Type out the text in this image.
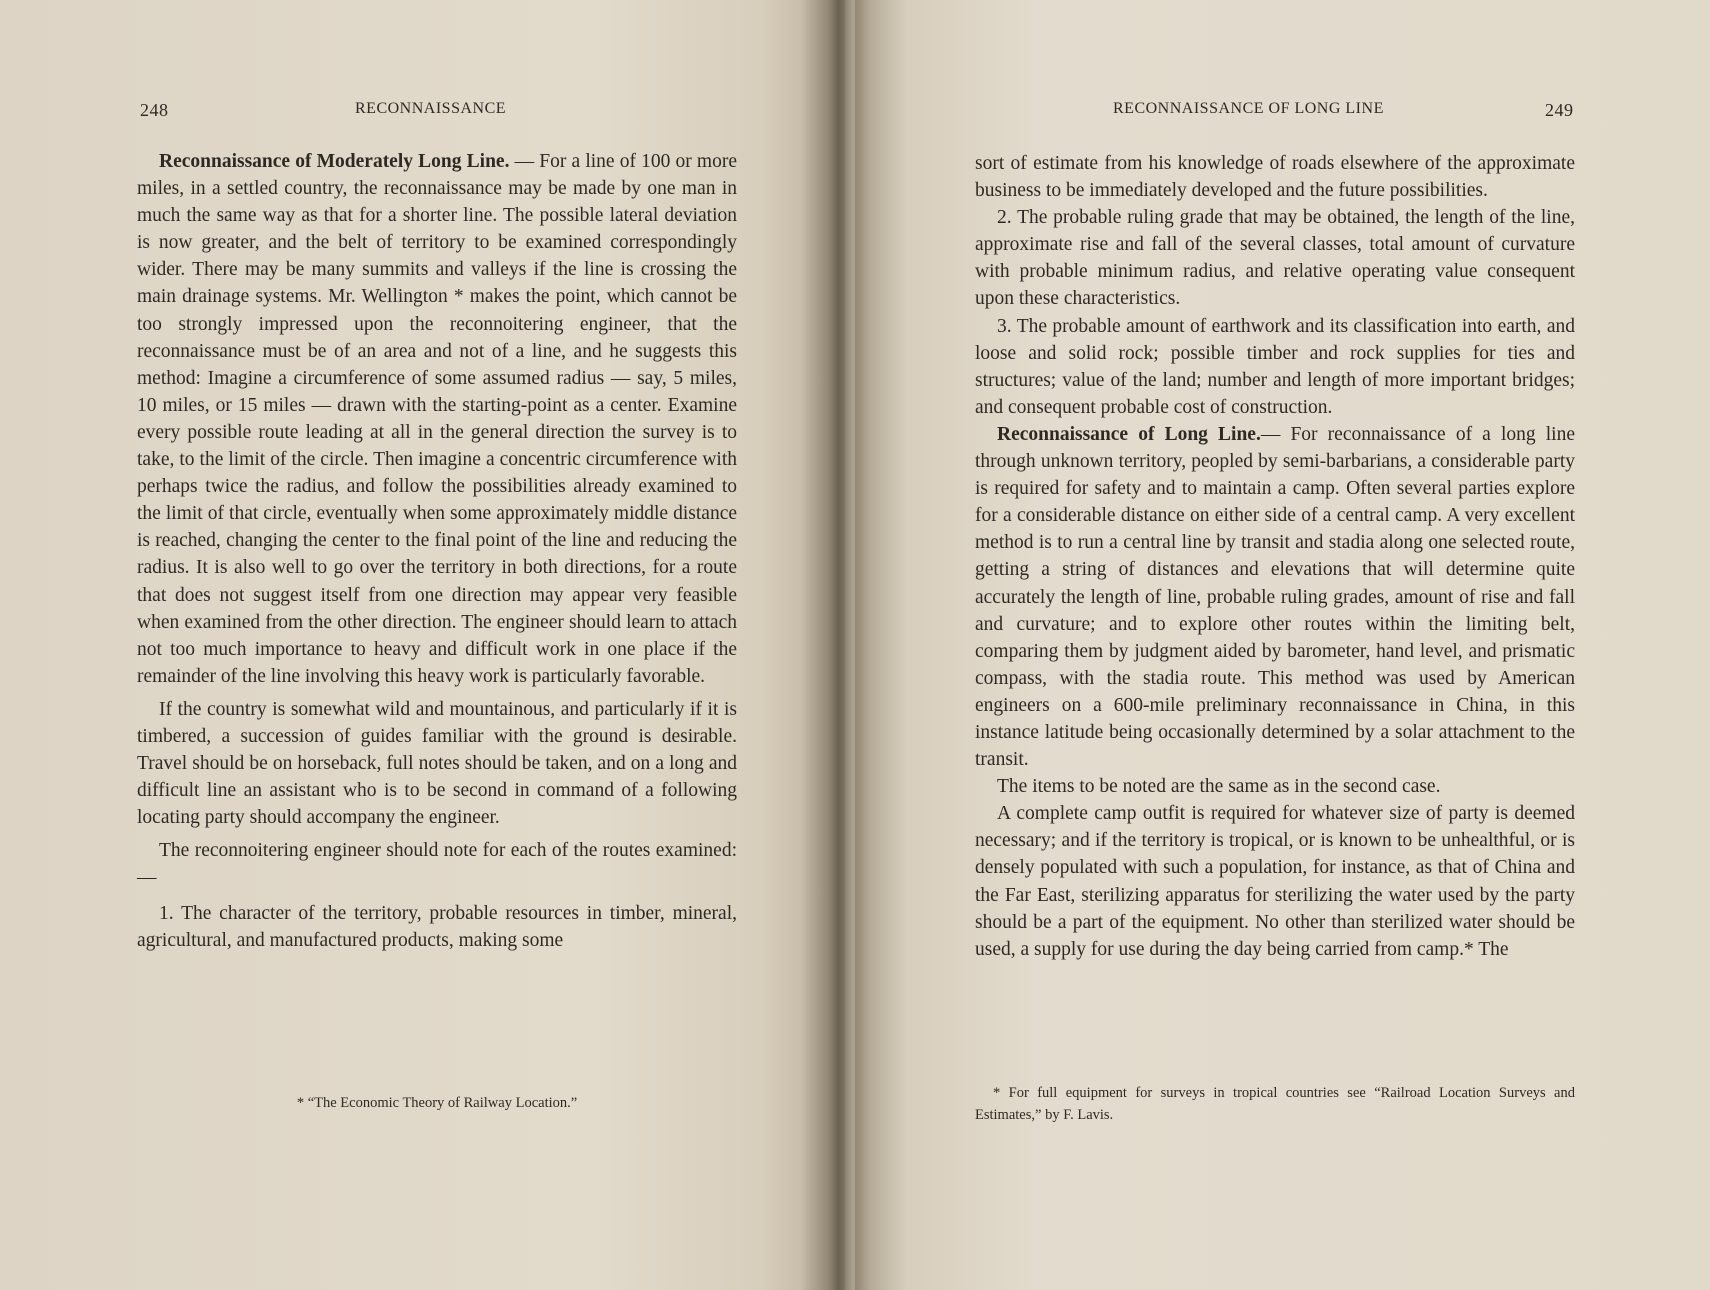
248	RECONNAISSANCE

Reconnaissance of Moderately Long Line. — For a line of 100 or more miles, in a settled country, the reconnaissance may be made by one man in much the same way as that for a shorter line. The possible lateral deviation is now greater, and the belt of territory to be examined correspondingly wider. There may be many summits and valleys if the line is crossing the main drainage systems. Mr. Wellington * makes the point, which cannot be too strongly impressed upon the reconnoitering engineer, that the reconnaissance must be of an area and not of a line, and he suggests this method: Imagine a circumference of some assumed radius — say, 5 miles, 10 miles, or 15 miles — drawn with the starting-point as a center. Examine every possible route leading at all in the general direction the survey is to take, to the limit of the circle. Then imagine a concentric circumference with perhaps twice the radius, and follow the possibilities already examined to the limit of that circle, eventually when some approximately middle distance is reached, changing the center to the final point of the line and reducing the radius. It is also well to go over the territory in both directions, for a route that does not suggest itself from one direction may appear very feasible when examined from the other direction. The engineer should learn to attach not too much importance to heavy and difficult work in one place if the remainder of the line involving this heavy work is particularly favorable.

If the country is somewhat wild and mountainous, and particularly if it is timbered, a succession of guides familiar with the ground is desirable. Travel should be on horseback, full notes should be taken, and on a long and difficult line an assistant who is to be second in command of a following locating party should accompany the engineer.

The reconnoitering engineer should note for each of the routes examined: —

1. The character of the territory, probable resources in timber, mineral, agricultural, and manufactured products, making some

* “The Economic Theory of Railway Location.”
RECONNAISSANCE OF LONG LINE	249

sort of estimate from his knowledge of roads elsewhere of the approximate business to be immediately developed and the future possibilities.

2. The probable ruling grade that may be obtained, the length of the line, approximate rise and fall of the several classes, total amount of curvature with probable minimum radius, and relative operating value consequent upon these characteristics.

3. The probable amount of earthwork and its classification into earth, and loose and solid rock; possible timber and rock supplies for ties and structures; value of the land; number and length of more important bridges; and consequent probable cost of construction.

Reconnaissance of Long Line.— For reconnaissance of a long line through unknown territory, peopled by semi-barbarians, a considerable party is required for safety and to maintain a camp. Often several parties explore for a considerable distance on either side of a central camp. A very excellent method is to run a central line by transit and stadia along one selected route, getting a string of distances and elevations that will determine quite accurately the length of line, probable ruling grades, amount of rise and fall and curvature; and to explore other routes within the limiting belt, comparing them by judgment aided by barometer, hand level, and prismatic compass, with the stadia route. This method was used by American engineers on a 600-mile preliminary reconnaissance in China, in this instance latitude being occasionally determined by a solar attachment to the transit.

The items to be noted are the same as in the second case.

A complete camp outfit is required for whatever size of party is deemed necessary; and if the territory is tropical, or is known to be unhealthful, or is densely populated with such a population, for instance, as that of China and the Far East, sterilizing apparatus for sterilizing the water used by the party should be a part of the equipment. No other than sterilized water should be used, a supply for use during the day being carried from camp.* The

* For full equipment for surveys in tropical countries see “Railroad Location Surveys and Estimates,” by F. Lavis.
